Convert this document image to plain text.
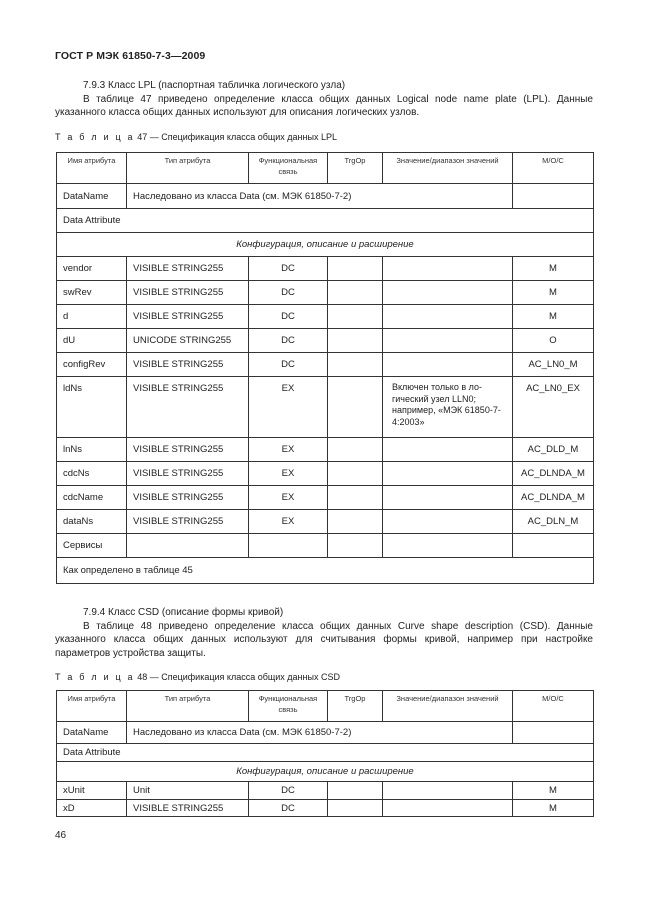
ГОСТ Р МЭК 61850-7-3—2009
7.9.3 Класс LPL (паспортная табличка логического узла)
В таблице 47 приведено определение класса общих данных Logical node name plate (LPL). Данные указанного класса общих данных используют для описания логических узлов.
Т а б л и ц а 47 — Спецификация класса общих данных LPL
Имя атрибута	Тип атрибута	Функциональная связь	TrgOp	Значение/диапазон значений	M/O/C
DataName	Наследовано из класса Data (см. МЭК 61850-7-2)				
Data Attribute					
Конфигурация, описание и расширение					
vendor	VISIBLE STRING255	DC			M
swRev	VISIBLE STRING255	DC			M
d	VISIBLE STRING255	DC			M
dU	UNICODE STRING255	DC			O
configRev	VISIBLE STRING255	DC			AC_LN0_M
ldNs	VISIBLE STRING255	EX		Включен только в ло-гический узел LLN0; например, «МЭК 61850-7-4:2003»	AC_LN0_EX
lnNs	VISIBLE STRING255	EX			AC_DLD_M
cdcNs	VISIBLE STRING255	EX			AC_DLNDA_M
cdcName	VISIBLE STRING255	EX			AC_DLNDA_M
dataNs	VISIBLE STRING255	EX			AC_DLN_M
Сервисы					
Как определено в таблице 45					
7.9.4 Класс CSD (описание формы кривой)
В таблице 48 приведено определение класса общих данных Curve shape description (CSD). Данные указанного класса общих данных используют для считывания формы кривой, например при настройке параметров устройства защиты.
Т а б л и ц а 48 — Спецификация класса общих данных CSD
Имя атрибута	Тип атрибута	Функциональная связь	TrgOp	Значение/диапазон значений	M/O/C
DataName	Наследовано из класса Data (см. МЭК 61850-7-2)				
Data Attribute					
Конфигурация, описание и расширение					
xUnit	Unit	DC			M
xD	VISIBLE STRING255	DC			M
46
